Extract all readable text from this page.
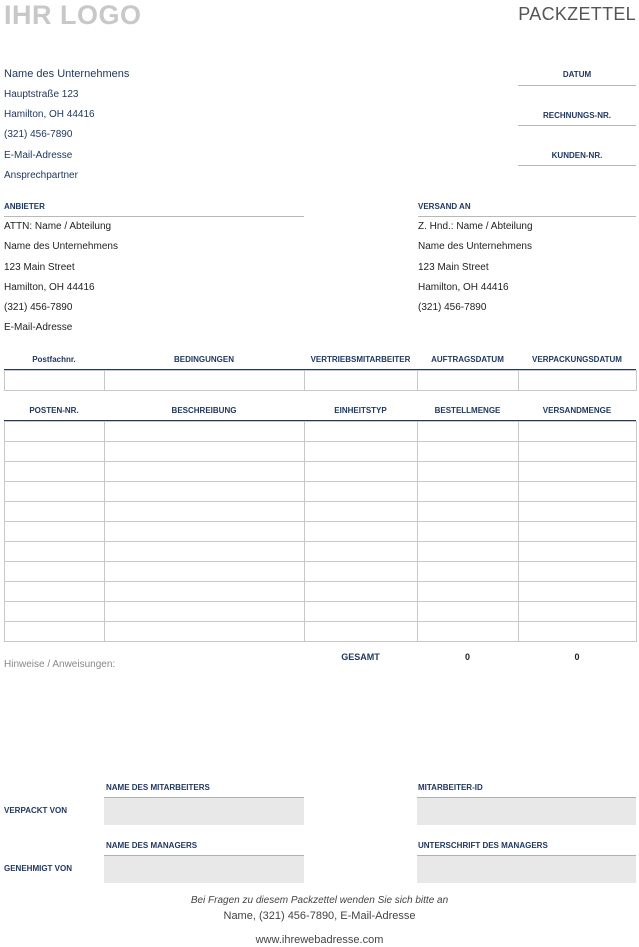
IHR LOGO	PACKZETTEL
Name des Unternehmens
Hauptstraße 123
Hamilton, OH 44416
(321) 456-7890
E-Mail-Adresse
Ansprechpartner
DATUM
RECHNUNGS-NR.
KUNDEN-NR.
ANBIETER
ATTN: Name / Abteilung
Name des Unternehmens
123 Main Street
Hamilton, OH 44416
(321) 456-7890
E-Mail-Adresse
VERSAND AN
Z. Hnd.: Name / Abteilung
Name des Unternehmens
123 Main Street
Hamilton, OH 44416
(321) 456-7890
Postfachnr.	BEDINGUNGEN	VERTRIEBSMITARBEITER	AUFTRAGSDATUM	VERPACKUNGSDATUM

POSTEN-NR.	BESCHREIBUNG	EINHEITSTYP	BESTELLMENGE	VERSANDMENGE

GESAMT	0	0
Hinweise / Anweisungen:
NAME DES MITARBEITERS	MITARBEITER-ID
VERPACKT VON
NAME DES MANAGERS	UNTERSCHRIFT DES MANAGERS
GENEHMIGT VON
Bei Fragen zu diesem Packzettel wenden Sie sich bitte an
Name, (321) 456-7890, E-Mail-Adresse
www.ihrewebadresse.com
